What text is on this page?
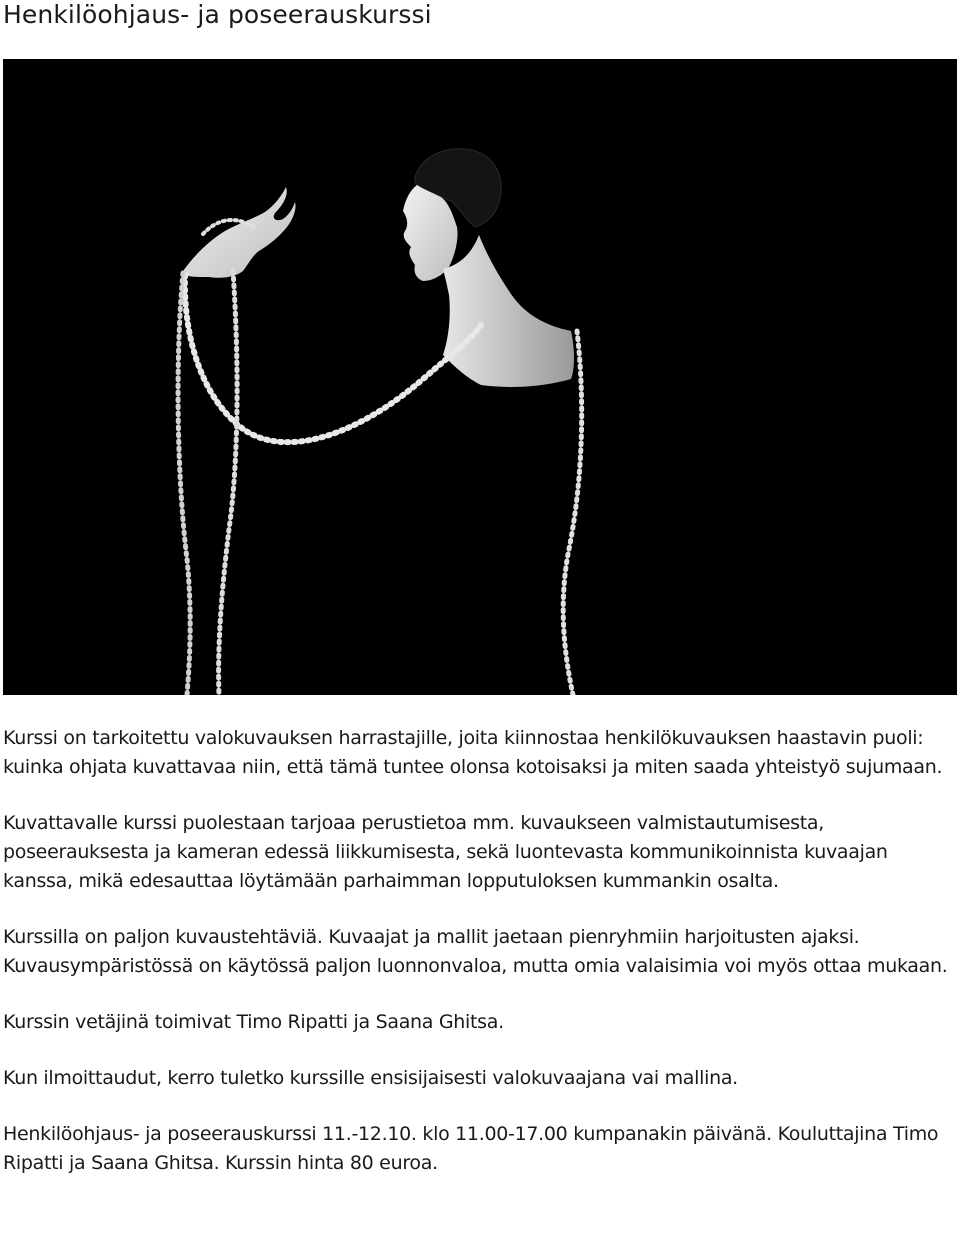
Henkilöohjaus- ja poseerauskurssi

Kurssi on tarkoitettu valokuvauksen harrastajille, joita kiinnostaa henkilökuvauksen haastavin puoli: kuinka ohjata kuvattavaa niin, että tämä tuntee olonsa kotoisaksi ja miten saada yhteistyö sujumaan.

Kuvattavalle kurssi puolestaan tarjoaa perustietoa mm. kuvaukseen valmistautumisesta, poseerauksesta ja kameran edessä liikkumisesta, sekä luontevasta kommunikoinnista kuvaajan kanssa, mikä edesauttaa löytämään parhaimman lopputuloksen kummankin osalta.

Kurssilla on paljon kuvaustehtäviä. Kuvaajat ja mallit jaetaan pienryhmiin harjoitusten ajaksi. Kuvausympäristössä on käytössä paljon luonnonvaloa, mutta omia valaisimia voi myös ottaa mukaan.

Kurssin vetäjinä toimivat Timo Ripatti ja Saana Ghitsa.

Kun ilmoittaudut, kerro tuletko kurssille ensisijaisesti valokuvaajana vai mallina.

Henkilöohjaus- ja poseerauskurssi 11.-12.10. klo 11.00-17.00 kumpanakin päivänä. Kouluttajina Timo Ripatti ja Saana Ghitsa. Kurssin hinta 80 euroa.
